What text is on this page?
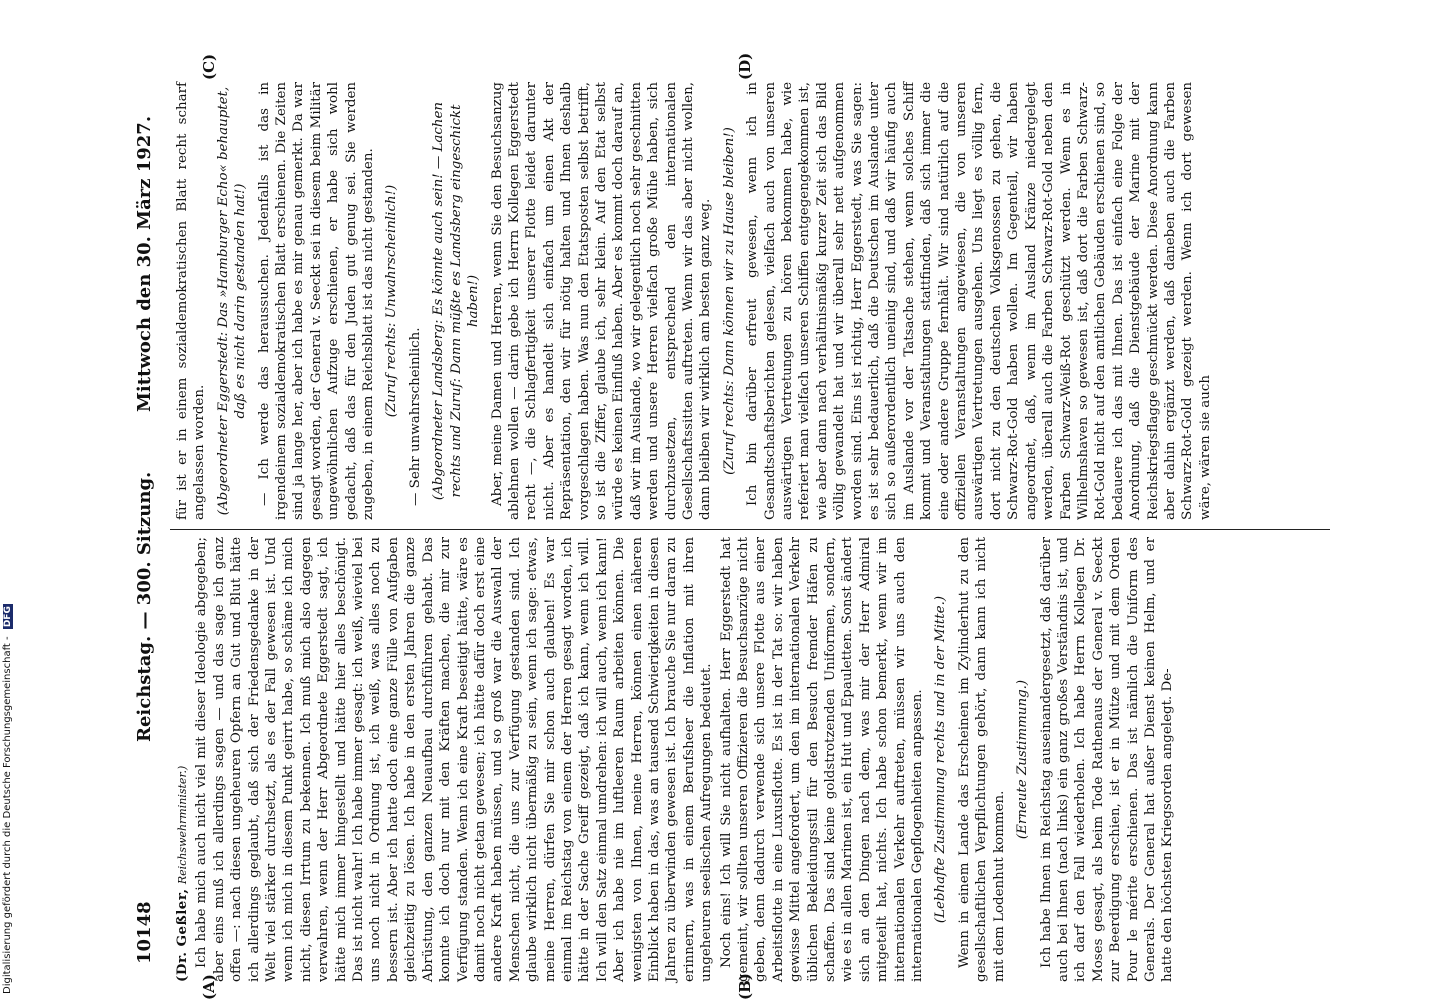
10148
Reichstag. — 300. Sitzung.
Mittwoch den 30. März 1927.
(A)	(B)
(C)	(D)

(Dr. Geßler, Reichswehrminister.) Ich habe mich auch nicht viel mit dieser Ideologie abgegeben; aber eins muß ich allerdings sagen — und das sage ich ganz offen —: nach diesen ungeheuren Opfern an Gut und Blut hätte ich allerdings geglaubt, daß sich der Friedensgedanke in der Welt viel stärker durchsetzt, als es der Fall gewesen ist. Und wenn ich mich in diesem Punkt geirrt habe, so schäme ich mich nicht, diesen Irrtum zu bekennen. Ich muß mich also dagegen verwahren, wenn der Herr Abgeordnete Eggerstedt sagt, ich hätte mich immer hingestellt und hätte hier alles beschönigt. Das ist nicht wahr! Ich habe immer gesagt: ich weiß, wieviel bei uns noch nicht in Ordnung ist, ich weiß, was alles noch zu bessern ist. Aber ich hatte doch eine ganze Fülle von Aufgaben gleichzeitig zu lösen. Ich habe in den ersten Jahren die ganze Abrüstung, den ganzen Neuaufbau durchführen gehabt. Das konnte ich doch nur mit den Kräften machen, die mir zur Verfügung standen. Wenn ich eine Kraft beseitigt hätte, wäre es damit noch nicht getan gewesen; ich hätte dafür doch erst eine andere Kraft haben müssen, und so groß war die Auswahl der Menschen nicht, die uns zur Verfügung gestanden sind. Ich glaube wirklich nicht übermäßig zu sein, wenn ich sage: etwas, meine Herren, dürfen Sie mir schon auch glauben! Es war einmal im Reichstag von einem der Herren gesagt worden, ich hätte in der Sache Greiff gezeigt, daß ich kann, wenn ich will. Ich will den Satz einmal umdrehen: ich will auch, wenn ich kann! Aber ich habe nie im luftleeren Raum arbeiten können. Die wenigsten von Ihnen, meine Herren, können einen näheren Einblick haben in das, was an tausend Schwierigkeiten in diesen Jahren zu überwinden gewesen ist. Ich brauche Sie nur daran zu erinnern, was in einem Berufsheer die Inflation mit ihren ungeheuren seelischen Aufregungen bedeutet. Noch eins! Ich will Sie nicht aufhalten. Herr Eggerstedt hat gemeint, wir sollten unseren Offizieren die Besuchsanzüge nicht geben, denn dadurch verwende sich unsere Flotte aus einer Arbeitsflotte in eine Luxusflotte. Es ist in der Tat so: wir haben gewisse Mittel angefordert, um den im internationalen Verkehr üblichen Bekleidungsstil für den Besuch fremder Häfen zu schaffen. Das sind keine goldstrotzenden Uniformen, sondern, wie es in allen Marinen ist, ein Hut und Epauletten. Sonst ändert sich an den Dingen nach dem, was mir der Herr Admiral mitgeteilt hat, nichts. Ich habe schon bemerkt, wenn wir im internationalen Verkehr auftreten, müssen wir uns auch den internationalen Gepflogenheiten anpassen. (Lebhafte Zustimmung rechts und in der Mitte.) Wenn in einem Lande das Erscheinen im Zylinderhut zu den gesellschaftlichen Verpflichtungen gehört, dann kann ich nicht mit dem Lodenhut kommen.

(Erneute Zustimmung.) Ich habe Ihnen im Reichstag auseinandergesetzt, daß darüber auch bei Ihnen (nach links) ein ganz großes Verständnis ist, und ich darf den Fall wiederholen. Ich habe Herrn Kollegen Dr. Moses gesagt, als beim Tode Rathenaus der General v. Seeckt zur Beerdigung erschien, ist er in Mütze und mit dem Orden Pour le mérite erschienen. Das ist nämlich die Uniform des Generals. Der General hat außer Dienst keinen Helm, und er hatte den höchsten Kriegsorden angelegt. De-

für ist er in einem sozialdemokratischen Blatt recht scharf angelassen worden. (Abgeordneter Eggerstedt: Das »Hamburger Echo« behauptet, daß es nicht darin gestanden hat!) — Ich werde das heraussuchen. Jedenfalls ist das in irgendeinem sozialdemokratischen Blatt erschienen. Die Zeiten sind ja lange her, aber ich habe es mir genau gemerkt. Da war gesagt worden, der General v. Seeckt sei in diesem beim Militär ungewöhnlichen Aufzuge erschienen, er habe sich wohl gedacht, daß das für den Juden gut genug sei. Sie werden zugeben, in einem Reichsblatt ist das nicht gestanden. (Zuruf rechts: Unwahrscheinlich!) — Sehr unwahrscheinlich. (Abgeordneter Landsberg: Es könnte auch sein! — Lachen rechts und Zuruf: Dann müßte es Landsberg eingeschickt haben!) Aber, meine Damen und Herren, wenn Sie den Besuchsanzug ablehnen wollen — darin gebe ich Herrn Kollegen Eggerstedt recht —, die Schlagfertigkeit unserer Flotte leidet darunter nicht. Aber es handelt sich einfach um einen Akt der Repräsentation, den wir für nötig halten und Ihnen deshalb vorgeschlagen haben. Was nun den Etatsposten selbst betrifft, so ist die Ziffer, glaube ich, sehr klein. Auf den Etat selbst würde es keinen Einfluß haben. Aber es kommt doch darauf an, daß wir im Auslande, wo wir gelegentlich noch sehr geschnitten werden und unsere Herren vielfach große Mühe haben, sich durchzusetzen, entsprechend den internationalen Gesellschaftssitten auftreten. Wenn wir das aber nicht wollen, dann bleiben wir wirklich am besten ganz weg. (Zuruf rechts: Dann können wir zu Hause bleiben!) Ich bin darüber erfreut gewesen, wenn ich in Gesandtschaftsberichten gelesen, vielfach auch von unseren auswärtigen Vertretungen zu hören bekommen habe, wie referiert man vielfach unseren Schiffen entgegengekommen ist, wie aber dann nach verhältnismäßig kurzer Zeit sich das Bild völlig gewandelt hat und wir überall sehr nett aufgenommen worden sind. Eins ist richtig, Herr Eggerstedt, was Sie sagen: es ist sehr bedauerlich, daß die Deutschen im Auslande unter sich so außerordentlich uneinig sind, und daß wir häufig auch im Auslande vor der Tatsache stehen, wenn solches Schiff kommt und Veranstaltungen stattfinden, daß sich immer die eine oder andere Gruppe fernhält. Wir sind natürlich auf die offiziellen Veranstaltungen angewiesen, die von unseren auswärtigen Vertretungen ausgehen. Uns liegt es völlig fern, dort nicht zu den deutschen Volksgenossen zu gehen, die Schwarz-Rot-Gold haben wollen. Im Gegenteil, wir haben angeordnet, daß, wenn im Ausland Kränze niedergelegt werden, überall auch die Farben Schwarz-Rot-Gold neben den Farben Schwarz-Weiß-Rot geschützt werden. Wenn es in Wilhelmshaven so gewesen ist, daß dort die Farben Schwarz-Rot-Gold nicht auf den amtlichen Gebäuden erschienen sind, so bedauere ich das mit Ihnen. Das ist einfach eine Folge der Anordnung, daß die Dienstgebäude der Marine mit der Reichskriegsflagge geschmückt werden. Diese Anordnung kann aber dahin ergänzt werden, daß daneben auch die Farben Schwarz-Rot-Gold gezeigt werden. Wenn ich dort gewesen wäre, wären sie auch

Digitalisierung gefördert durch die Deutsche Forschungsgemeinschaft - DFG
